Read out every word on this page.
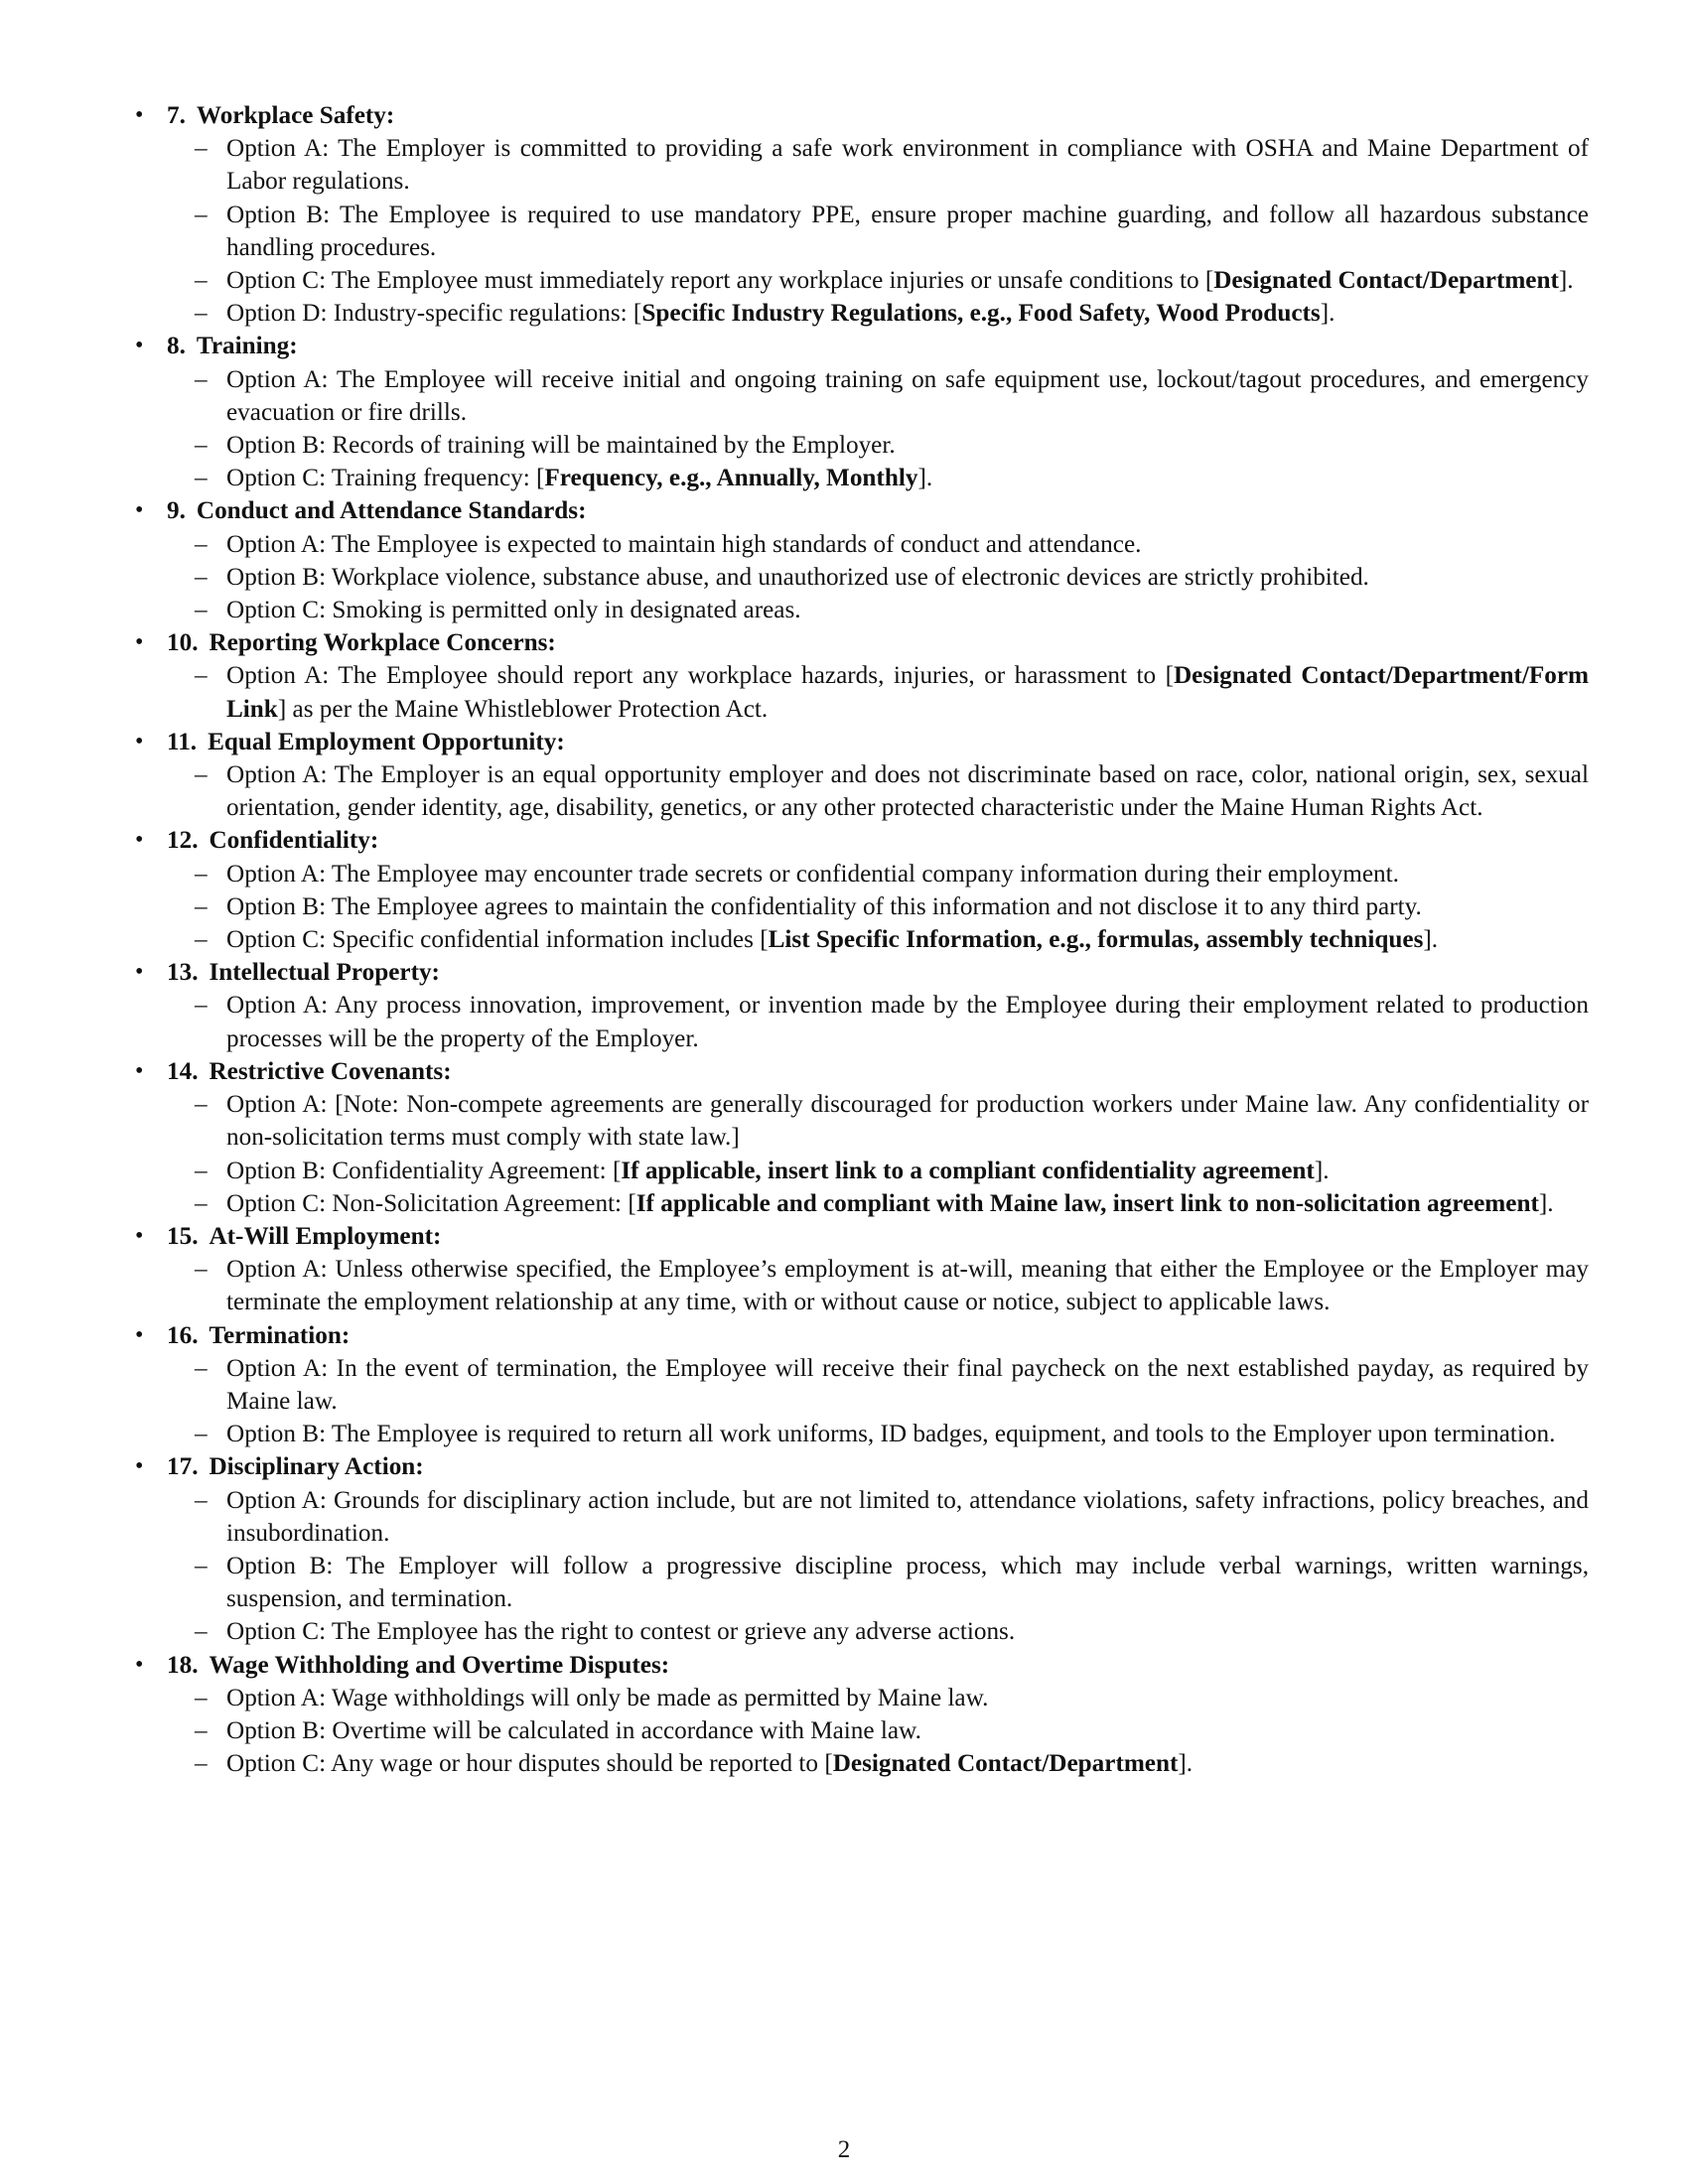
• 7. Workplace Safety:
– Option A: The Employer is committed to providing a safe work environment in compliance with OSHA and Maine Department of Labor regulations.
– Option B: The Employee is required to use mandatory PPE, ensure proper machine guarding, and follow all hazardous substance handling procedures.
– Option C: The Employee must immediately report any workplace injuries or unsafe conditions to [Designated Contact/Department].
– Option D: Industry-specific regulations: [Specific Industry Regulations, e.g., Food Safety, Wood Products].
• 8. Training:
– Option A: The Employee will receive initial and ongoing training on safe equipment use, lockout/tagout procedures, and emergency evacuation or fire drills.
– Option B: Records of training will be maintained by the Employer.
– Option C: Training frequency: [Frequency, e.g., Annually, Monthly].
• 9. Conduct and Attendance Standards:
– Option A: The Employee is expected to maintain high standards of conduct and attendance.
– Option B: Workplace violence, substance abuse, and unauthorized use of electronic devices are strictly prohibited.
– Option C: Smoking is permitted only in designated areas.
• 10. Reporting Workplace Concerns:
– Option A: The Employee should report any workplace hazards, injuries, or harassment to [Designated Contact/Department/Form Link] as per the Maine Whistleblower Protection Act.
• 11. Equal Employment Opportunity:
– Option A: The Employer is an equal opportunity employer and does not discriminate based on race, color, national origin, sex, sexual orientation, gender identity, age, disability, genetics, or any other protected characteristic under the Maine Human Rights Act.
• 12. Confidentiality:
– Option A: The Employee may encounter trade secrets or confidential company information during their employment.
– Option B: The Employee agrees to maintain the confidentiality of this information and not disclose it to any third party.
– Option C: Specific confidential information includes [List Specific Information, e.g., formulas, assembly techniques].
• 13. Intellectual Property:
– Option A: Any process innovation, improvement, or invention made by the Employee during their employment related to production processes will be the property of the Employer.
• 14. Restrictive Covenants:
– Option A: [Note: Non-compete agreements are generally discouraged for production workers under Maine law. Any confidentiality or non-solicitation terms must comply with state law.]
– Option B: Confidentiality Agreement: [If applicable, insert link to a compliant confidentiality agreement].
– Option C: Non-Solicitation Agreement: [If applicable and compliant with Maine law, insert link to non-solicitation agreement].
• 15. At-Will Employment:
– Option A: Unless otherwise specified, the Employee’s employment is at-will, meaning that either the Employee or the Employer may terminate the employment relationship at any time, with or without cause or notice, subject to applicable laws.
• 16. Termination:
– Option A: In the event of termination, the Employee will receive their final paycheck on the next established payday, as required by Maine law.
– Option B: The Employee is required to return all work uniforms, ID badges, equipment, and tools to the Employer upon termination.
• 17. Disciplinary Action:
– Option A: Grounds for disciplinary action include, but are not limited to, attendance violations, safety infractions, policy breaches, and insubordination.
– Option B: The Employer will follow a progressive discipline process, which may include verbal warnings, written warnings, suspension, and termination.
– Option C: The Employee has the right to contest or grieve any adverse actions.
• 18. Wage Withholding and Overtime Disputes:
– Option A: Wage withholdings will only be made as permitted by Maine law.
– Option B: Overtime will be calculated in accordance with Maine law.
– Option C: Any wage or hour disputes should be reported to [Designated Contact/Department].
2
